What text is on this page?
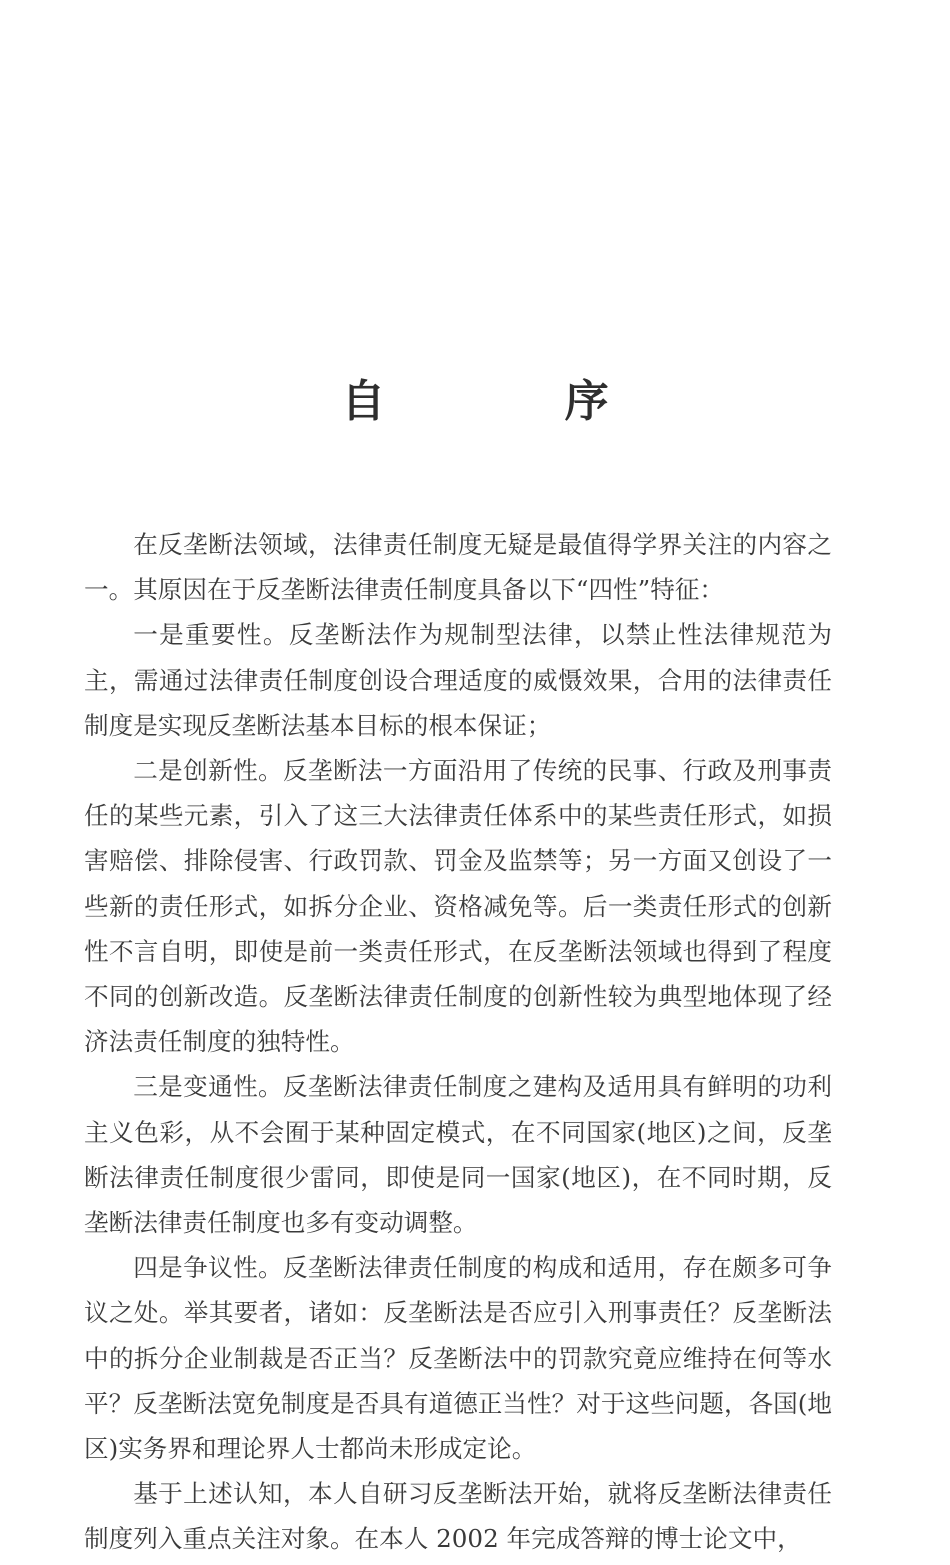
自 序

在反垄断法领域，法律责任制度无疑是最值得学界关注的内容之一。其原因在于反垄断法律责任制度具备以下“四性”特征：

一是重要性。反垄断法作为规制型法律，以禁止性法律规范为主，需通过法律责任制度创设合理适度的威慑效果，合用的法律责任制度是实现反垄断法基本目标的根本保证；

二是创新性。反垄断法一方面沿用了传统的民事、行政及刑事责任的某些元素，引入了这三大法律责任体系中的某些责任形式，如损害赔偿、排除侵害、行政罚款、罚金及监禁等；另一方面又创设了一些新的责任形式，如拆分企业、资格减免等。后一类责任形式的创新性不言自明，即使是前一类责任形式，在反垄断法领域也得到了程度不同的创新改造。反垄断法律责任制度的创新性较为典型地体现了经济法责任制度的独特性。

三是变通性。反垄断法律责任制度之建构及适用具有鲜明的功利主义色彩，从不会囿于某种固定模式，在不同国家(地区)之间，反垄断法律责任制度很少雷同，即使是同一国家(地区)，在不同时期，反垄断法律责任制度也多有变动调整。

四是争议性。反垄断法律责任制度的构成和适用，存在颇多可争议之处。举其要者，诸如：反垄断法是否应引入刑事责任？反垄断法中的拆分企业制裁是否正当？反垄断法中的罚款究竟应维持在何等水平？反垄断法宽免制度是否具有道德正当性？对于这些问题，各国(地区)实务界和理论界人士都尚未形成定论。

基于上述认知，本人自研习反垄断法开始，就将反垄断法律责任制度列入重点关注对象。在本人 2002 年完成答辩的博士论文中，
